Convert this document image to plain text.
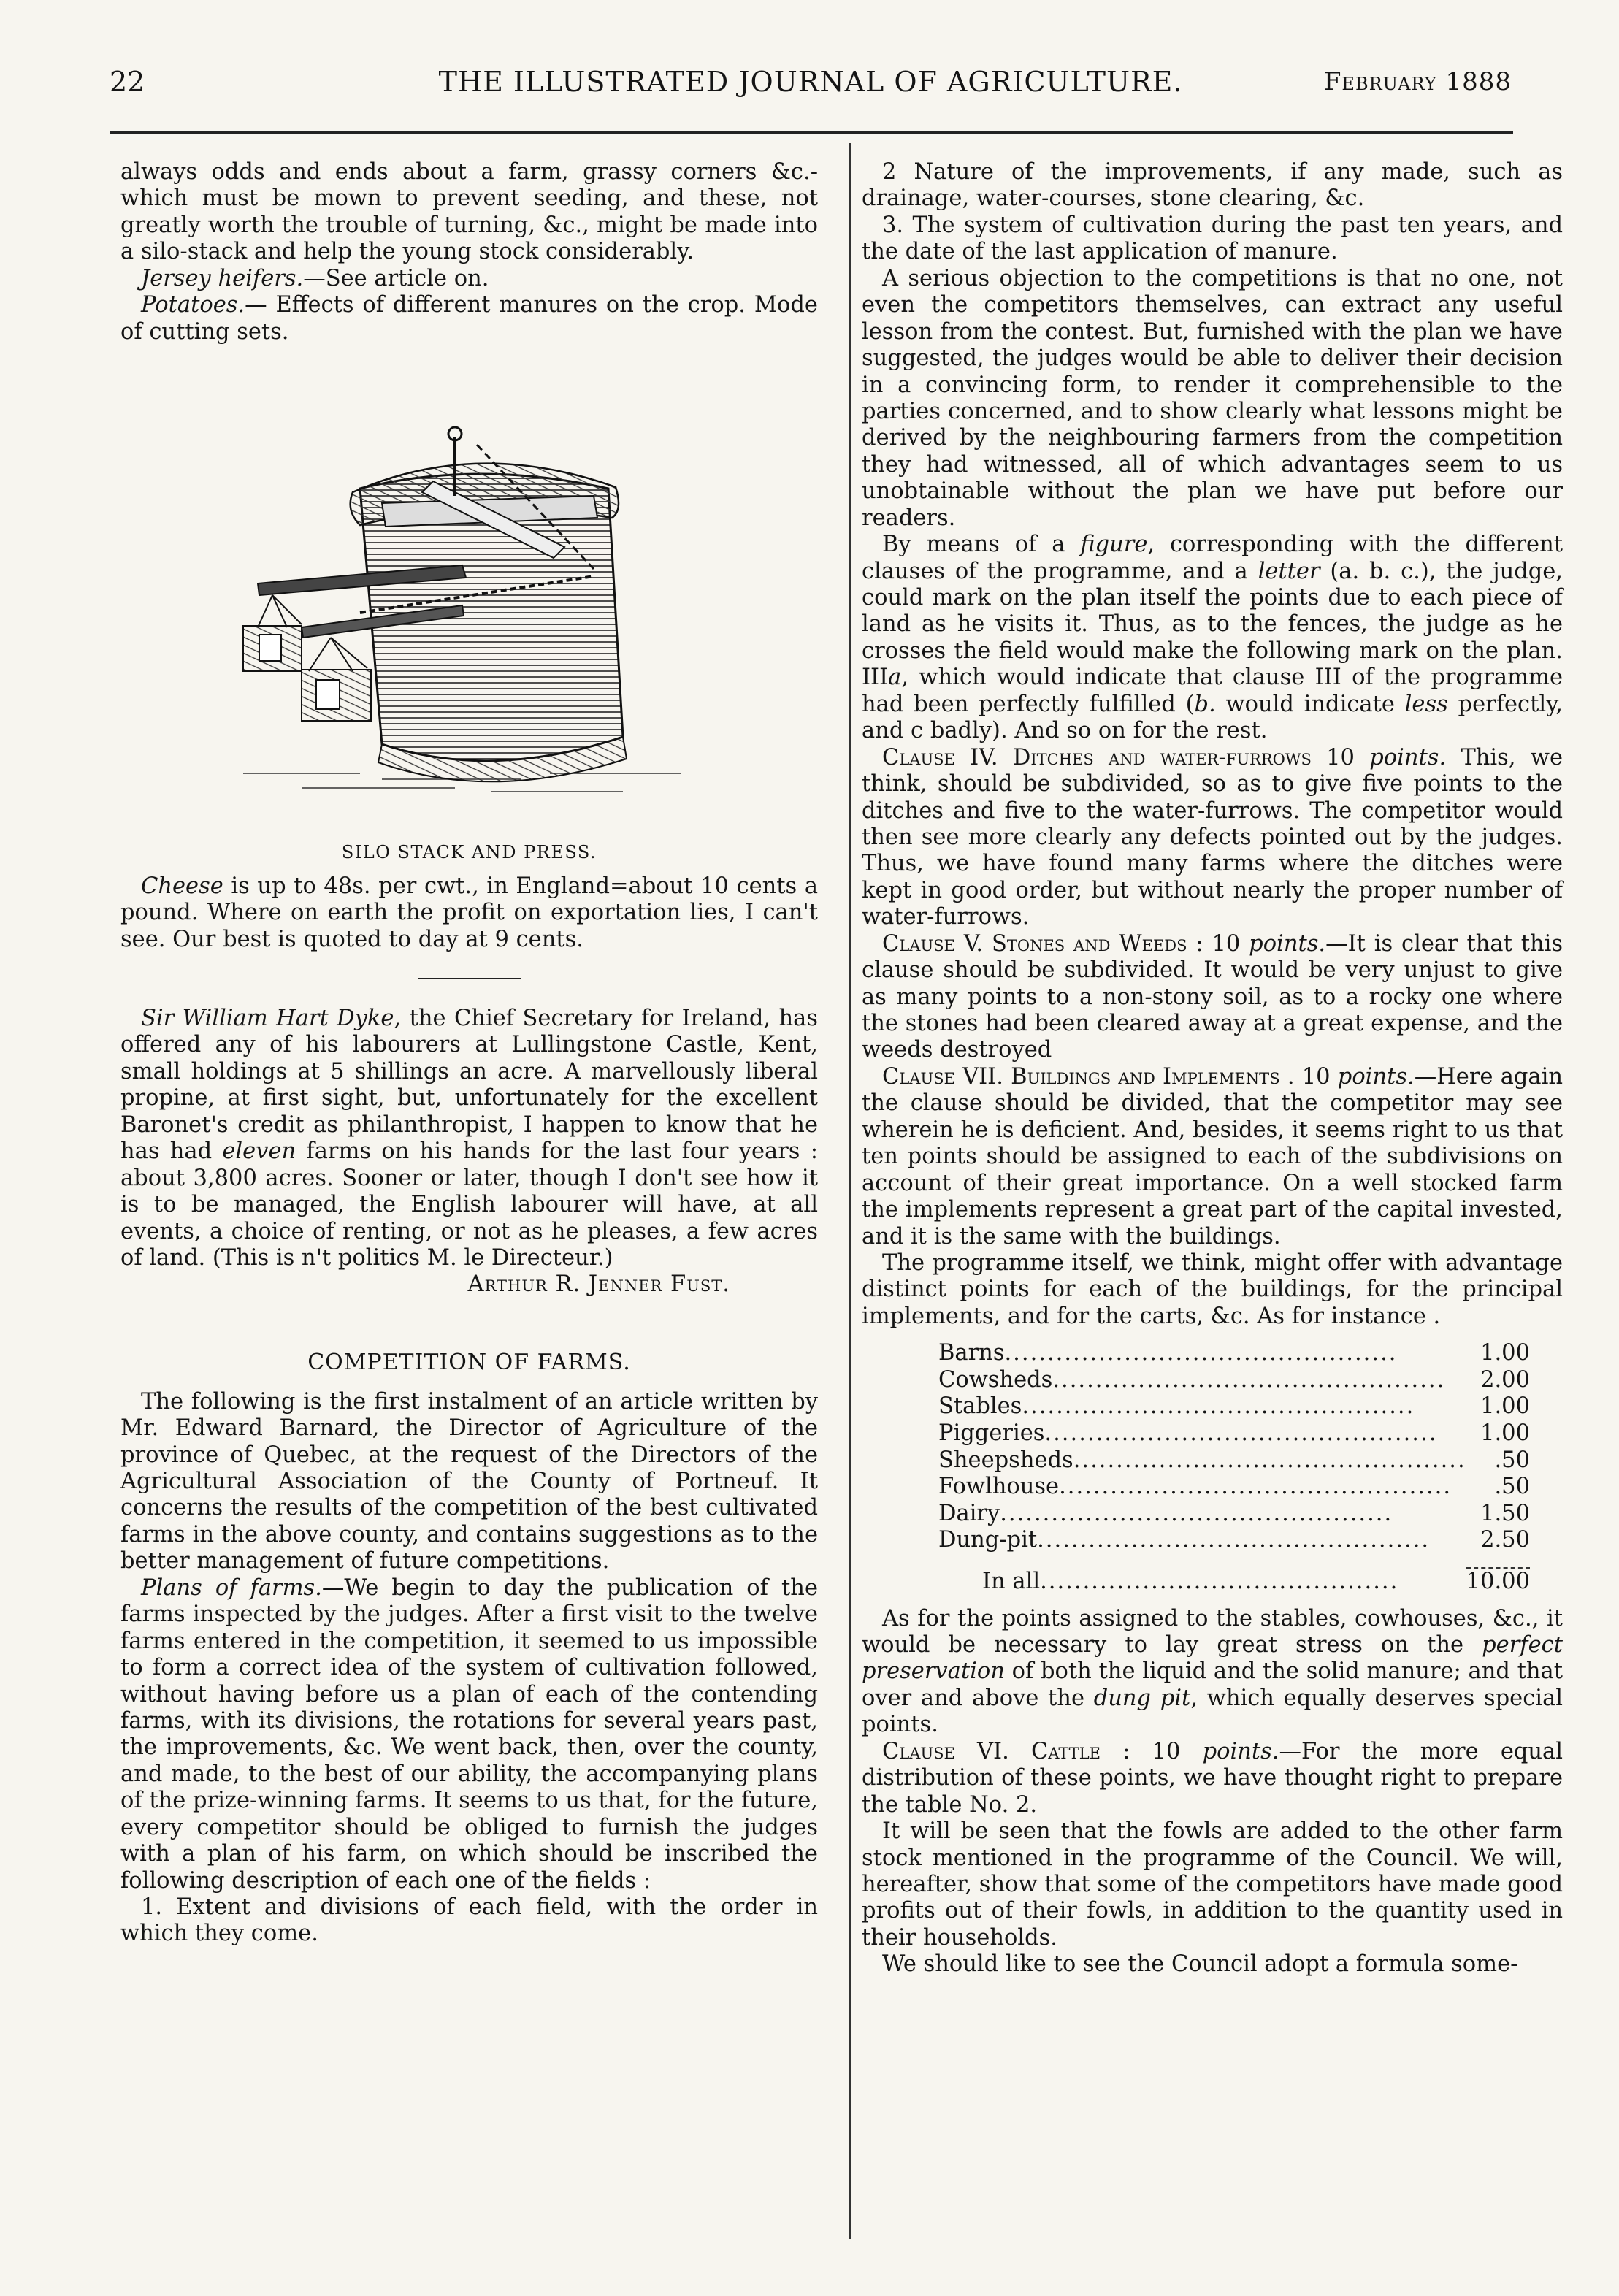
22	THE ILLUSTRATED JOURNAL OF AGRICULTURE.	February 1888

always odds and ends about a farm, grassy corners &c.-which must be mown to prevent seeding, and these, not greatly worth the trouble of turning, &c., might be made into a silo-stack and help the young stock considerably.

Jersey heifers.—See article on.

Potatoes.— Effects of different manures on the crop. Mode of cutting sets.

SILO STACK AND PRESS.

Cheese is up to 48s. per cwt., in England=about 10 cents a pound. Where on earth the profit on exportation lies, I can't see. Our best is quoted to day at 9 cents.

Sir William Hart Dyke, the Chief Secretary for Ireland, has offered any of his labourers at Lullingstone Castle, Kent, small holdings at 5 shillings an acre. A marvellously liberal propine, at first sight, but, unfortunately for the excellent Baronet's credit as philanthropist, I happen to know that he has had eleven farms on his hands for the last four years : about 3,800 acres. Sooner or later, though I don't see how it is to be managed, the English labourer will have, at all events, a choice of renting, or not as he pleases, a few acres of land. (This is n't politics M. le Directeur.)

Arthur R. Jenner Fust.
COMPETITION OF FARMS.

The following is the first instalment of an article written by Mr. Edward Barnard, the Director of Agriculture of the province of Quebec, at the request of the Directors of the Agricultural Association of the County of Portneuf. It concerns the results of the competition of the best cultivated farms in the above county, and contains suggestions as to the better management of future competitions.

Plans of farms.—We begin to day the publication of the farms inspected by the judges. After a first visit to the twelve farms entered in the competition, it seemed to us impossible to form a correct idea of the system of cultivation followed, without having before us a plan of each of the contending farms, with its divisions, the rotations for several years past, the improvements, &c. We went back, then, over the county, and made, to the best of our ability, the accompanying plans of the prize-winning farms. It seems to us that, for the future, every competitor should be obliged to furnish the judges with a plan of his farm, on which should be inscribed the following description of each one of the fields :

1. Extent and divisions of each field, with the order in which they come.

2 Nature of the improvements, if any made, such as drainage, water-courses, stone clearing, &c.

3. The system of cultivation during the past ten years, and the date of the last application of manure.

A serious objection to the competitions is that no one, not even the competitors themselves, can extract any useful lesson from the contest. But, furnished with the plan we have suggested, the judges would be able to deliver their decision in a convincing form, to render it comprehensible to the parties concerned, and to show clearly what lessons might be derived by the neighbouring farmers from the competition they had witnessed, all of which advantages seem to us unobtainable without the plan we have put before our readers.

By means of a figure, corresponding with the different clauses of the programme, and a letter (a. b. c.), the judge, could mark on the plan itself the points due to each piece of land as he visits it. Thus, as to the fences, the judge as he crosses the field would make the following mark on the plan. IIIa, which would indicate that clause III of the programme had been perfectly fulfilled (b. would indicate less perfectly, and c badly). And so on for the rest.

Clause IV. Ditches and water-furrows 10 points. This, we think, should be subdivided, so as to give five points to the ditches and five to the water-furrows. The competitor would then see more clearly any defects pointed out by the judges. Thus, we have found many farms where the ditches were kept in good order, but without nearly the proper number of water-furrows.

Clause V. Stones and Weeds : 10 points.—It is clear that this clause should be subdivided. It would be very unjust to give as many points to a non-stony soil, as to a rocky one where the stones had been cleared away at a great expense, and the weeds destroyed

Clause VII. Buildings and Implements . 10 points.—Here again the clause should be divided, that the competitor may see wherein he is deficient. And, besides, it seems right to us that ten points should be assigned to each of the subdivisions on account of their great importance. On a well stocked farm the implements represent a great part of the capital invested, and it is the same with the buildings.

The programme itself, we think, might offer with advantage distinct points for each of the buildings, for the principal implements, and for the carts, &c. As for instance .

Barns..............................................	1.00
Cowsheds..............................................	2.00
Stables..............................................	1.00
Piggeries..............................................	1.00
Sheepsheds..............................................	.50
Fowlhouse..............................................	.50
Dairy..............................................	1.50
Dung-pit..............................................	2.50

In all..........................................	10.00

As for the points assigned to the stables, cowhouses, &c., it would be necessary to lay great stress on the perfect preservation of both the liquid and the solid manure; and that over and above the dung pit, which equally deserves special points.

Clause VI. Cattle : 10 points.—For the more equal distribution of these points, we have thought right to prepare the table No. 2.

It will be seen that the fowls are added to the other farm stock mentioned in the programme of the Council. We will, hereafter, show that some of the competitors have made good profits out of their fowls, in addition to the quantity used in their households.

We should like to see the Council adopt a formula some-
